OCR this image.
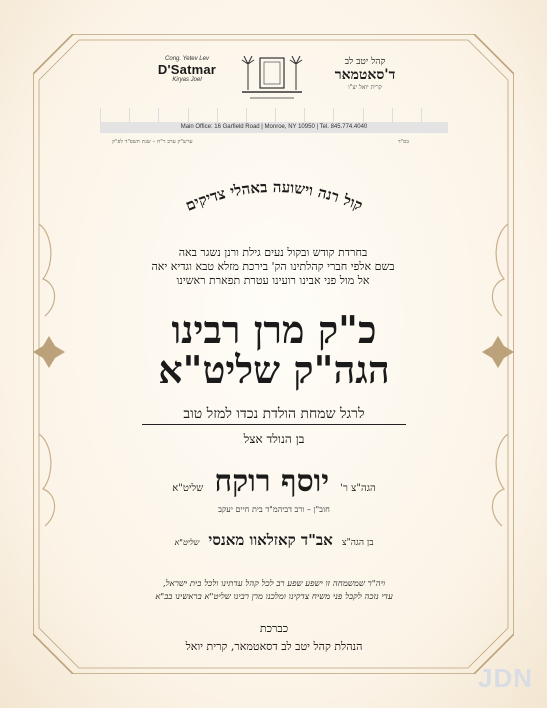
Cong. Yetev Lev
D'Satmar
Kiryas Joel
קהל יטב לב
ד'סאטמאר
קרית יואל יצ"ו
Main Office: 16 Garfield Road | Monroe, NY 10950 | Tel. 845.774.4040
ערש"ק ערב ר"ח – שנת תשפ"ד לפ"ק	בס"ד
קול רנה וישועה באהלי צדיקים
בחרדת קודש ובקול נעים גילת ורנן נשגר באה
בשם אלפי חברי קהלתינו הק' בירכת מזלא טבא וגדיא יאה
אל מול פני אבינו רועינו עטרת תפארת ראשינו
כ"ק מרן רבינו
הגה"ק שליט"א
לרגל שמחת הולדת נכדו למזל טוב
בן הנולד אצל
הגה"צ ר' יוסף רוקח שליט"א
חוב"ן – ורב דביהמ"ד בית חיים יעקב
בן הגה"צ אב"ד קאזלאוו מאנסי שליט"א
ויה"ר שמשמחה זו ישפע שפע רב לכל קהל עדתינו ולכל בית ישראל,
עדי נזכה לקבל פני משיח צדקינו ומלכנו מרן רבינו שליט"א בראשינו בב"א
כברכת
הנהלת קהל יטב לב דסאטמאר, קרית יואל
JDN
